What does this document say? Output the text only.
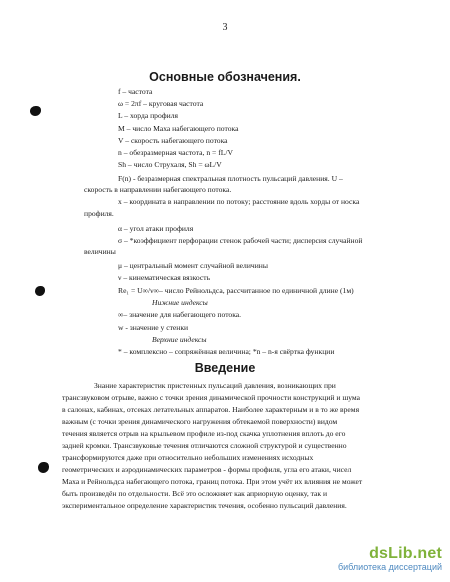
3
Основные обозначения.
f – частота
ω = 2πf – круговая частота
L – хорда профиля
M – число Маха набегающего потока
V – скорость набегающего потока
n – обезразмерная частота, n = fL/V
Sh – число Струхаля, Sh = ωL/V
F(n) - безразмерная спектральная плотность пульсаций давления. U –
скорость в направлении набегающего потока.
x – координата в направлении по потоку; расстояние вдоль хорды от носка
профиля.
α – угол атаки профиля
σ – *коэффициент перфорации стенок рабочей части; дисперсия случайной
величины
μ – центральный момент случайной величины
ν – кинематическая вязкость
Re₁ = U∞/ν∞– число Рейнольдса, рассчитанное по единичной длине (1м)
Нижние индексы
∞– значение для набегающего потока.
w - значение у стенки
Верхние индексы
* – комплексно – сопряжённая величина; *n – n-я свёртка функции
Введение
Знание характеристик пристенных пульсаций давления, возникающих при
трансзвуковом отрыве, важно с точки зрения динамической прочности конструкций и шума
в салонах, кабинах, отсеках летательных аппаратов. Наиболее характерным и в то же время
важным (с точки зрения динамического нагружения обтекаемой поверхности) видом
течения является отрыв на крыльевом профиле из-под скачка уплотнения вплоть до его
задней кромки. Трансзвуковые течения отличаются сложной структурой и существенно
трансформируются даже при относительно небольших изменениях исходных
геометрических и аэродинамических параметров - формы профиля, угла его атаки, чисел
Маха и Рейнольдса набегающего потока, границ потока. При этом учёт их влияния не может
быть произведён по отдельности. Всё это осложняет как априорную оценку, так и
экспериментальное определение характеристик течения, особенно пульсаций давления.
dsLib.net
библиотека диссертаций
